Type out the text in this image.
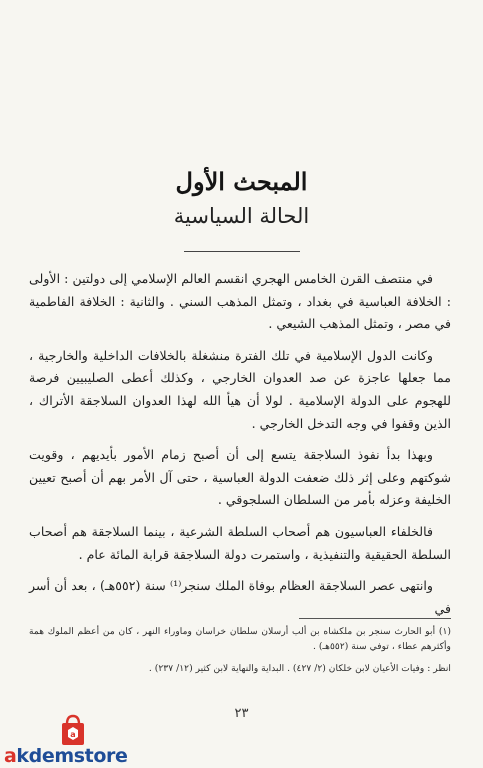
المبحث الأول
الحالة السياسية

في منتصف القرن الخامس الهجري انقسم العالم الإسلامي إلى دولتين : الأولى : الخلافة العباسية في بغداد ، وتمثل المذهب السني . والثانية : الخلافة الفاطمية في مصر ، وتمثل المذهب الشيعي .

وكانت الدول الإسلامية في تلك الفترة منشغلة بالخلافات الداخلية والخارجية ، مما جعلها عاجزة عن صد العدوان الخارجي ، وكذلك أعطى الصليبيين فرصة للهجوم على الدولة الإسلامية . لولا أن هيأ الله لهذا العدوان السلاجقة الأتراك ، الذين وقفوا في وجه التدخل الخارجي .

وبهذا بدأ نفوذ السلاجقة يتسع إلى أن أصبح زمام الأمور بأيديهم ، وقويت شوكتهم وعلى إثر ذلك ضعفت الدولة العباسية ، حتى آل الأمر بهم أن أصبح تعيين الخليفة وعزله بأمر من السلطان السلجوقي .

فالخلفاء العباسيون هم أصحاب السلطة الشرعية ، بينما السلاجقة هم أصحاب السلطة الحقيقية والتنفيذية ، واستمرت دولة السلاجقة قرابة المائة عام .

وانتهى عصر السلاجقة العظام بوفاة الملك سنجر⁽¹⁾ سنة (٥٥٢هـ) ، بعد أن أسر في

(١) أبو الحارث سنجر بن ملكشاه بن ألب أرسلان سلطان خراسان وماوراء النهر ، كان من أعظم الملوك همة وأكثرهم عطاء ، توفي سنة (٥٥٢هـ) .

انظر : وفيات الأعيان لابن خلكان (٢/ ٤٢٧) . البداية والنهاية لابن كثير (١٢/ ٢٣٧) .

٢٣
a
akdemstore
